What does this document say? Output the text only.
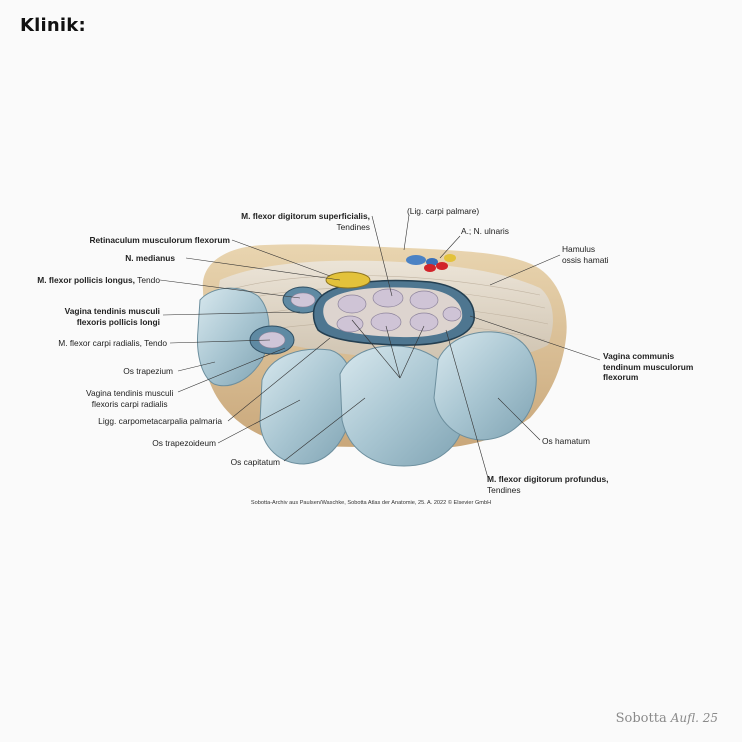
Klinik:
M. flexor digitorum superficialis,
Tendines
(Lig. carpi palmare)
A.; N. ulnaris
Hamulus
ossis hamati
Retinaculum musculorum flexorum
N. medianus
M. flexor pollicis longus, Tendo
Vagina tendinis musculi
flexoris pollicis longi
M. flexor carpi radialis, Tendo
Os trapezium
Vagina tendinis musculi
flexoris carpi radialis
Ligg. carpometacarpalia palmaria
Os trapezoideum
Os capitatum
Vagina communis
tendinum musculorum
flexorum
Os hamatum
M. flexor digitorum profundus,
Tendines
Sobotta-Archiv aus Paulsen/Waschke, Sobotta Atlas der Anatomie, 25. A. 2022 © Elsevier GmbH
Sobotta Aufl. 25
